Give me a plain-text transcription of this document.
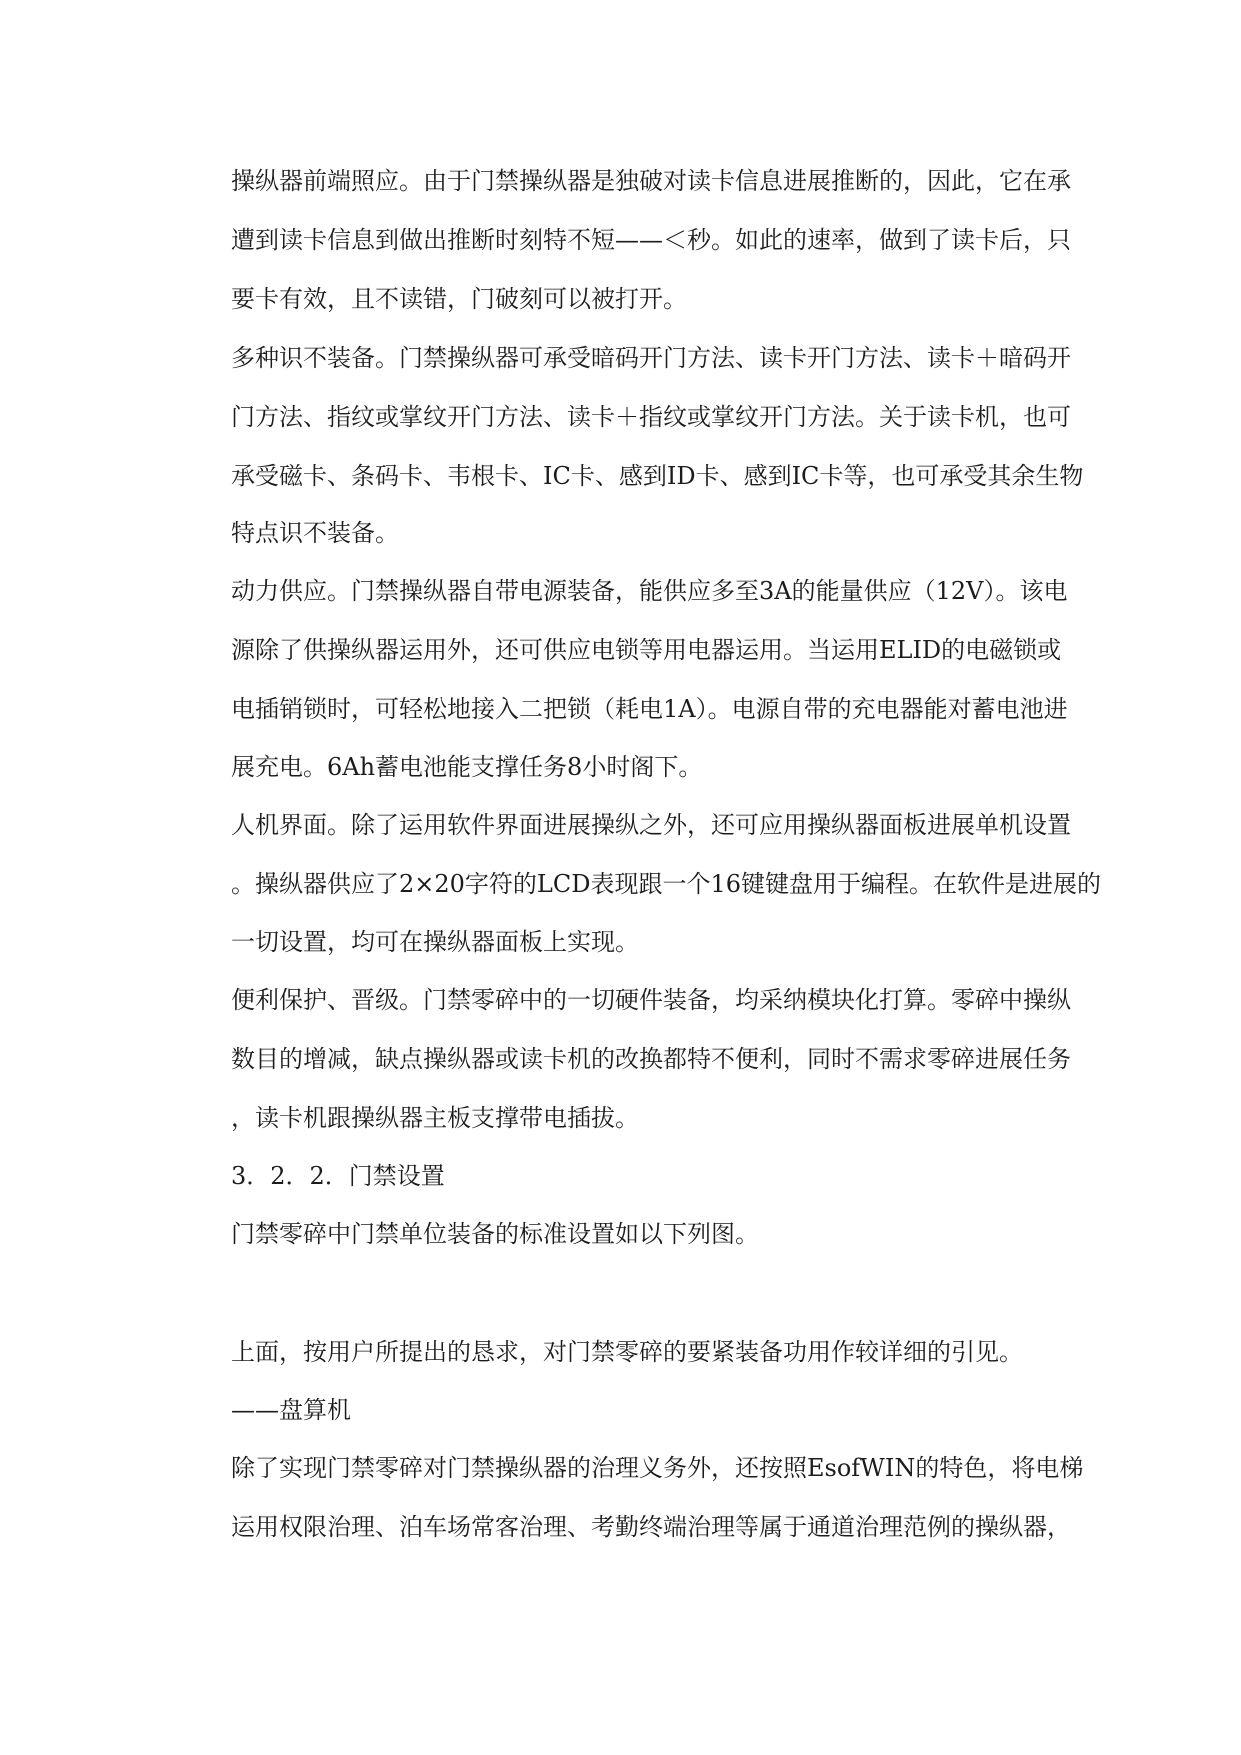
操纵器前端照应。由于门禁操纵器是独破对读卡信息进展推断的，因此，它在承
遭到读卡信息到做出推断时刻特不短——＜秒。如此的速率，做到了读卡后，只
要卡有效，且不读错，门破刻可以被打开。
多种识不装备。门禁操纵器可承受暗码开门方法、读卡开门方法、读卡＋暗码开
门方法、指纹或掌纹开门方法、读卡＋指纹或掌纹开门方法。关于读卡机，也可
承受磁卡、条码卡、韦根卡、IC卡、感到ID卡、感到IC卡等，也可承受其余生物
特点识不装备。
动力供应。门禁操纵器自带电源装备，能供应多至3A的能量供应（12V）。该电
源除了供操纵器运用外，还可供应电锁等用电器运用。当运用ELID的电磁锁或
电插销锁时，可轻松地接入二把锁（耗电1A）。电源自带的充电器能对蓄电池进
展充电。6Ah蓄电池能支撑任务8小时阁下。
人机界面。除了运用软件界面进展操纵之外，还可应用操纵器面板进展单机设置
。操纵器供应了2×20字符的LCD表现跟一个16键键盘用于编程。在软件是进展的
一切设置，均可在操纵器面板上实现。
便利保护、晋级。门禁零碎中的一切硬件装备，均采纳模块化打算。零碎中操纵
数目的增减，缺点操纵器或读卡机的改换都特不便利，同时不需求零碎进展任务
，读卡机跟操纵器主板支撑带电插拔。
3．2．2．门禁设置
门禁零碎中门禁单位装备的标准设置如以下列图。
上面，按用户所提出的恳求，对门禁零碎的要紧装备功用作较详细的引见。
——盘算机
除了实现门禁零碎对门禁操纵器的治理义务外，还按照EsofWIN的特色，将电梯
运用权限治理、泊车场常客治理、考勤终端治理等属于通道治理范例的操纵器，
